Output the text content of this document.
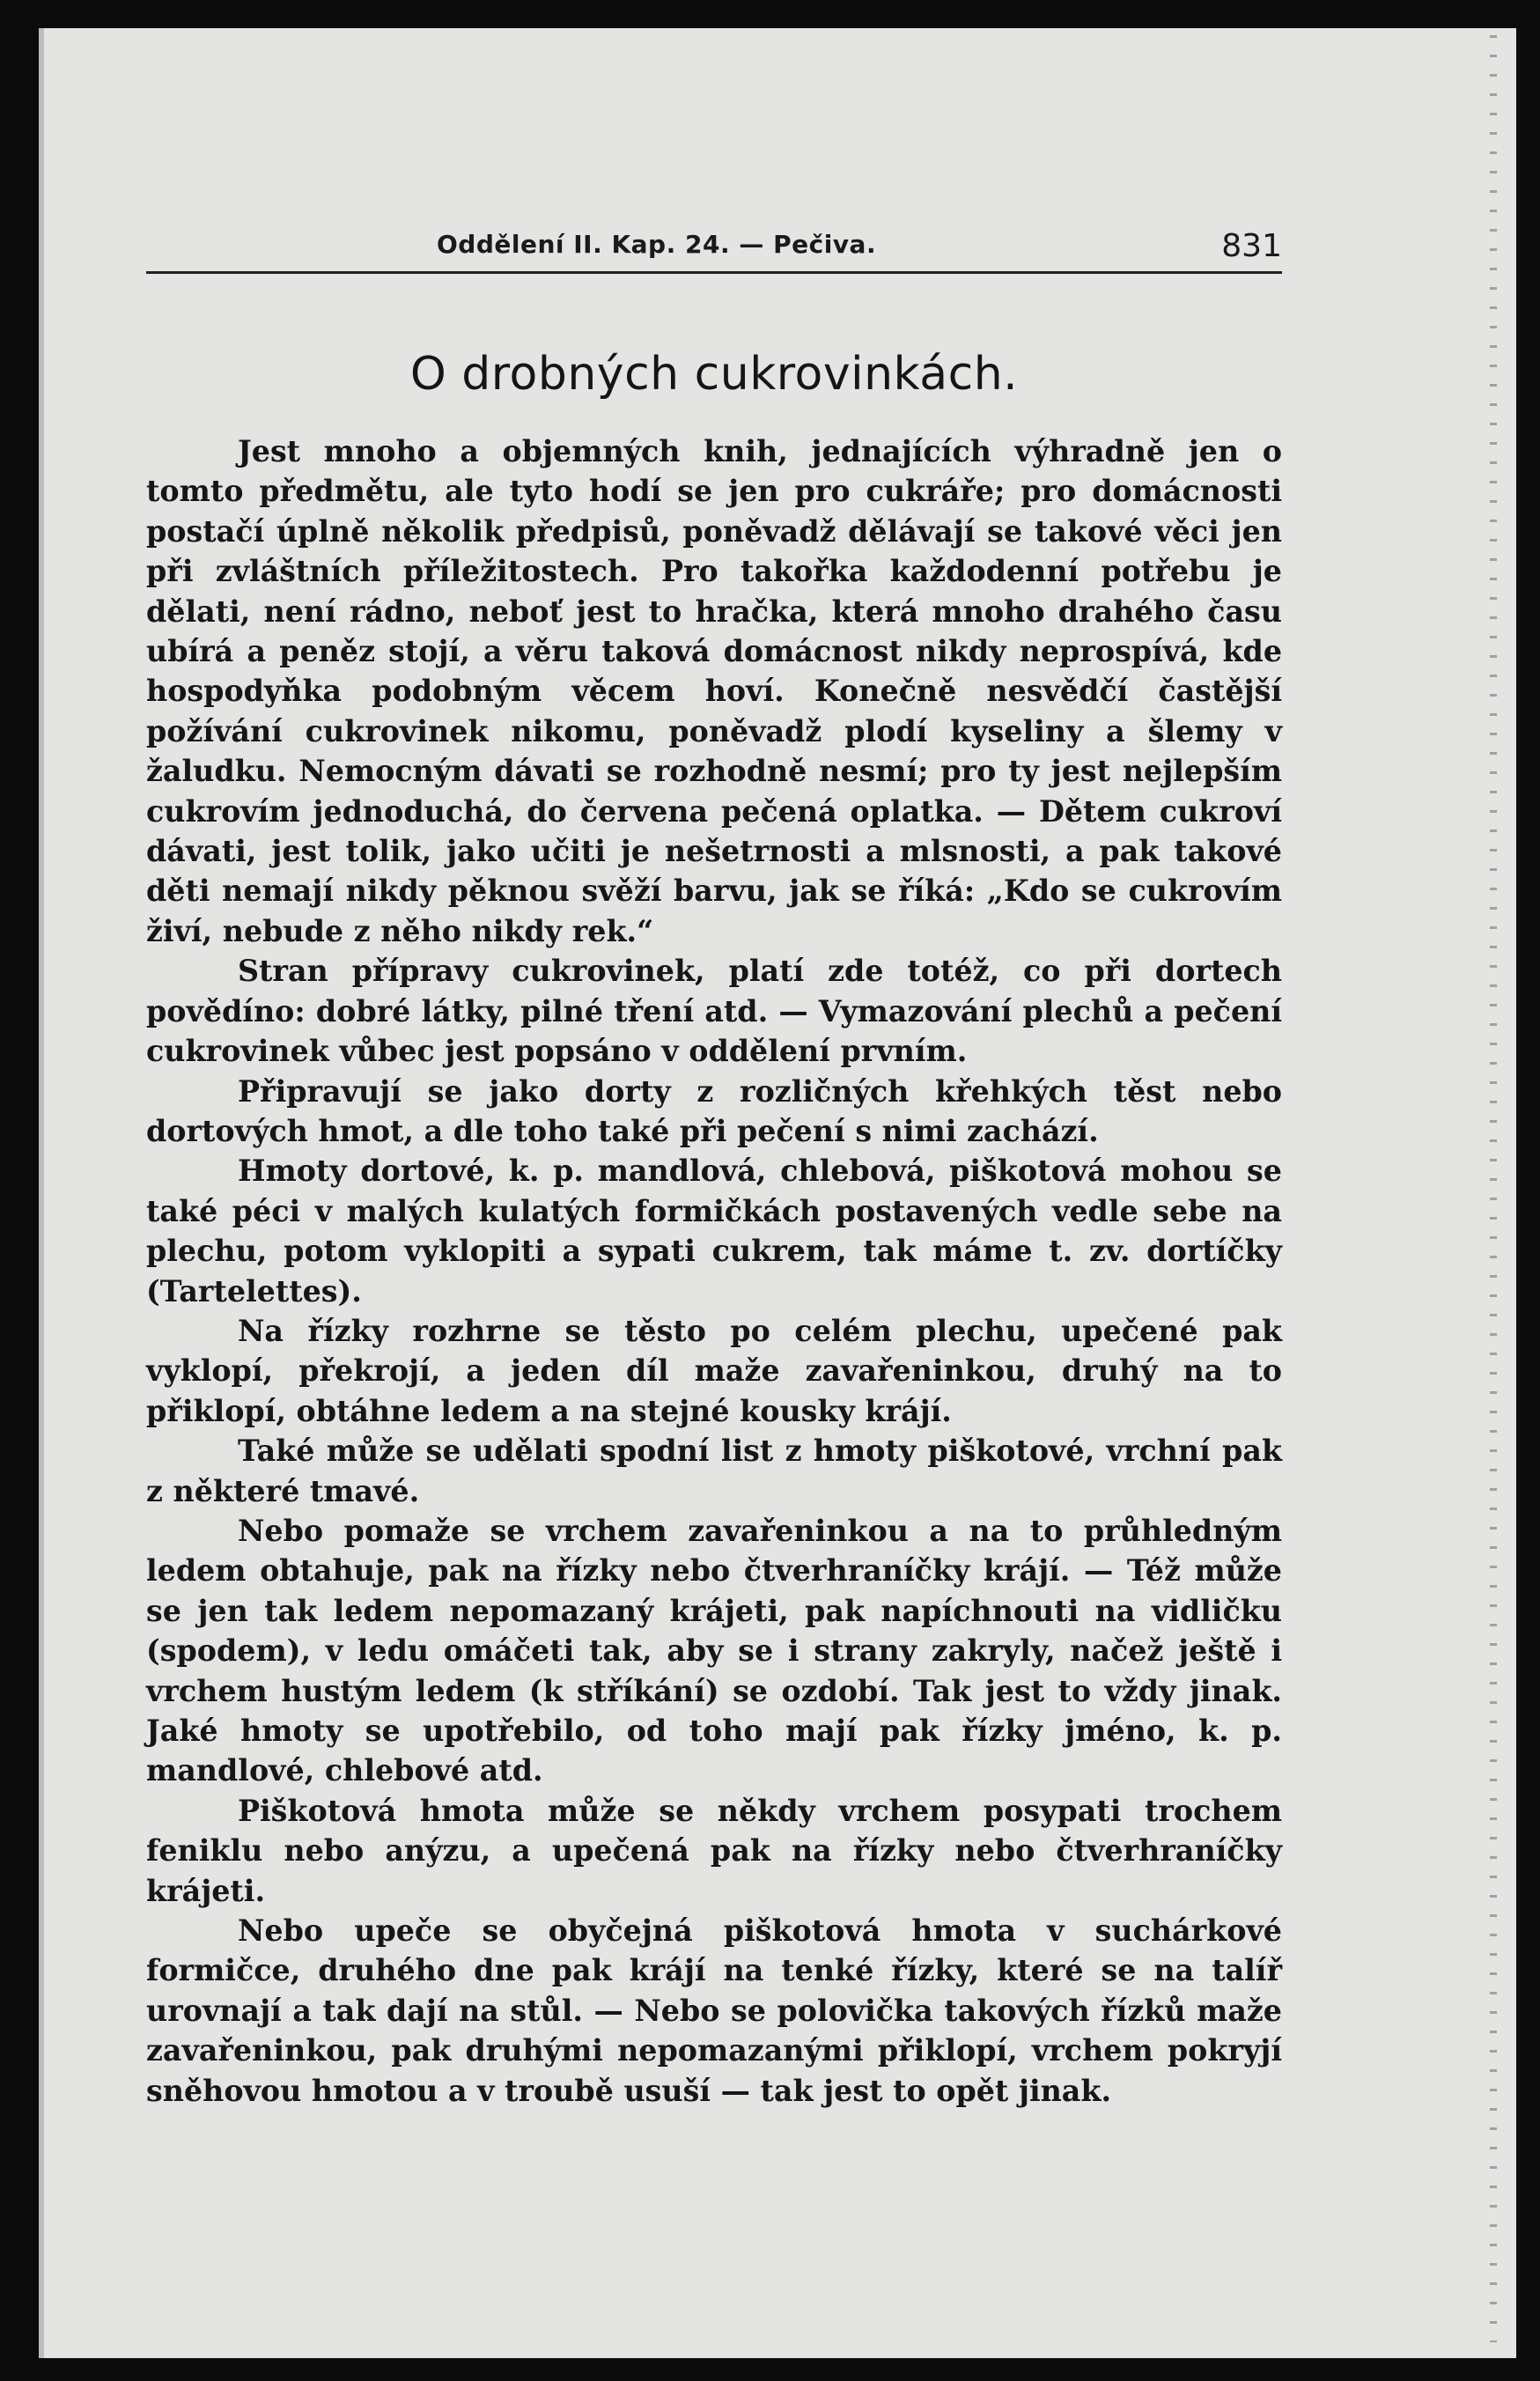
Oddělení II. Kap. 24. — Pečiva.	831
O drobných cukrovinkách.

Jest mnoho a objemných knih, jednajících výhradně jen o tomto předmětu, ale tyto hodí se jen pro cukráře; pro domácnosti postačí úplně několik předpisů, poněvadž dělávají se takové věci jen při zvláštních příležitostech. Pro takořka každodenní potřebu je dělati, není rádno, neboť jest to hračka, která mnoho drahého času ubírá a peněz stojí, a věru taková domácnost nikdy neprospívá, kde hospodyňka podobným věcem hoví. Konečně nesvědčí častější požívání cukrovinek nikomu, poněvadž plodí kyseliny a šlemy v žaludku. Nemocným dávati se rozhodně nesmí; pro ty jest nejlepším cukrovím jednoduchá, do červena pečená oplatka. — Dětem cukroví dávati, jest tolik, jako učiti je nešetrnosti a mlsnosti, a pak takové děti nemají nikdy pěknou svěží barvu, jak se říká: „Kdo se cukrovím živí, nebude z něho nikdy rek.“

Stran přípravy cukrovinek, platí zde totéž, co při dortech povědíno: dobré látky, pilné tření atd. — Vymazování plechů a pečení cukrovinek vůbec jest popsáno v oddělení prvním.

Připravují se jako dorty z rozličných křehkých těst nebo dortových hmot, a dle toho také při pečení s nimi zachází.

Hmoty dortové, k. p. mandlová, chlebová, piškotová mohou se také péci v malých kulatých formičkách postavených vedle sebe na plechu, potom vyklopiti a sypati cukrem, tak máme t. zv. dortíčky (Tartelettes).

Na řízky rozhrne se těsto po celém plechu, upečené pak vyklopí, překrojí, a jeden díl maže zavařeninkou, druhý na to přiklopí, obtáhne ledem a na stejné kousky krájí.

Také může se udělati spodní list z hmoty piškotové, vrchní pak z některé tmavé.

Nebo pomaže se vrchem zavařeninkou a na to průhledným ledem obtahuje, pak na řízky nebo čtverhraníčky krájí. — Též může se jen tak ledem nepomazaný krájeti, pak napíchnouti na vidličku (spodem), v ledu omáčeti tak, aby se i strany zakryly, načež ještě i vrchem hustým ledem (k stříkání) se ozdobí. Tak jest to vždy jinak. Jaké hmoty se upotřebilo, od toho mají pak řízky jméno, k. p. mandlové, chlebové atd.

Piškotová hmota může se někdy vrchem posypati trochem feniklu nebo anýzu, a upečená pak na řízky nebo čtverhraníčky krájeti.

Nebo upeče se obyčejná piškotová hmota v suchárkové formičce, druhého dne pak krájí na tenké řízky, které se na talíř urovnají a tak dají na stůl. — Nebo se polovička takových řízků maže zavařeninkou, pak druhými nepomazanými přiklopí, vrchem pokryjí sněhovou hmotou a v troubě usuší — tak jest to opět jinak.
